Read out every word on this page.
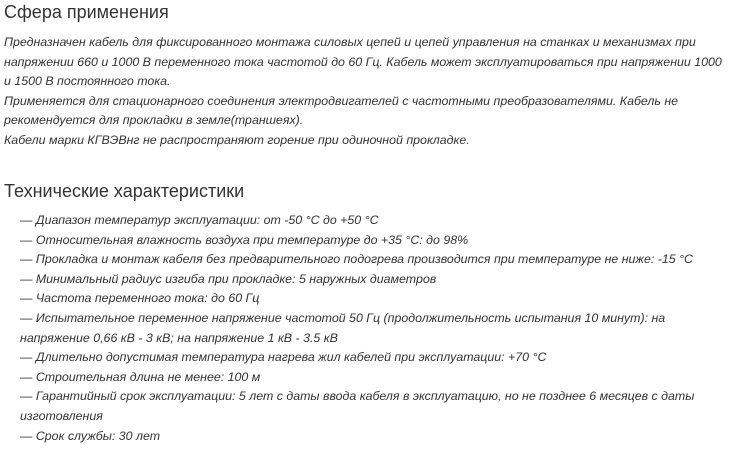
Сфера применения

Предназначен кабель для фиксированного монтажа силовых цепей и цепей управления на станках и механизмах при напряжении 660 и 1000 В переменного тока частотой до 60 Гц. Кабель может эксплуатироваться при напряжении 1000 и 1500 В постоянного тока.

Применяется для стационарного соединения электродвигателей с частотными преобразователями. Кабель не рекомендуется для прокладки в земле(траншеях).

Кабели марки КГВЭВнг не распространяют горение при одиночной прокладке.

Технические характеристики
— Диапазон температур эксплуатации: от -50 °С до +50 °С
— Относительная влажность воздуха при температуре до +35 °С: до 98%
— Прокладка и монтаж кабеля без предварительного подогрева производится при температуре не ниже: -15 °С
— Минимальный радиус изгиба при прокладке: 5 наружных диаметров
— Частота переменного тока: до 60 Гц
— Испытательное переменное напряжение частотой 50 Гц (продолжительность испытания 10 минут): на напряжение 0,66 кВ - 3 кВ; на напряжение 1 кВ - 3.5 кВ
— Длительно допустимая температура нагрева жил кабелей при эксплуатации: +70 °С
— Строительная длина не менее: 100 м
— Гарантийный срок эксплуатации: 5 лет с даты ввода кабеля в эксплуатацию, но не позднее 6 месяцев с даты изготовления
— Срок службы: 30 лет
